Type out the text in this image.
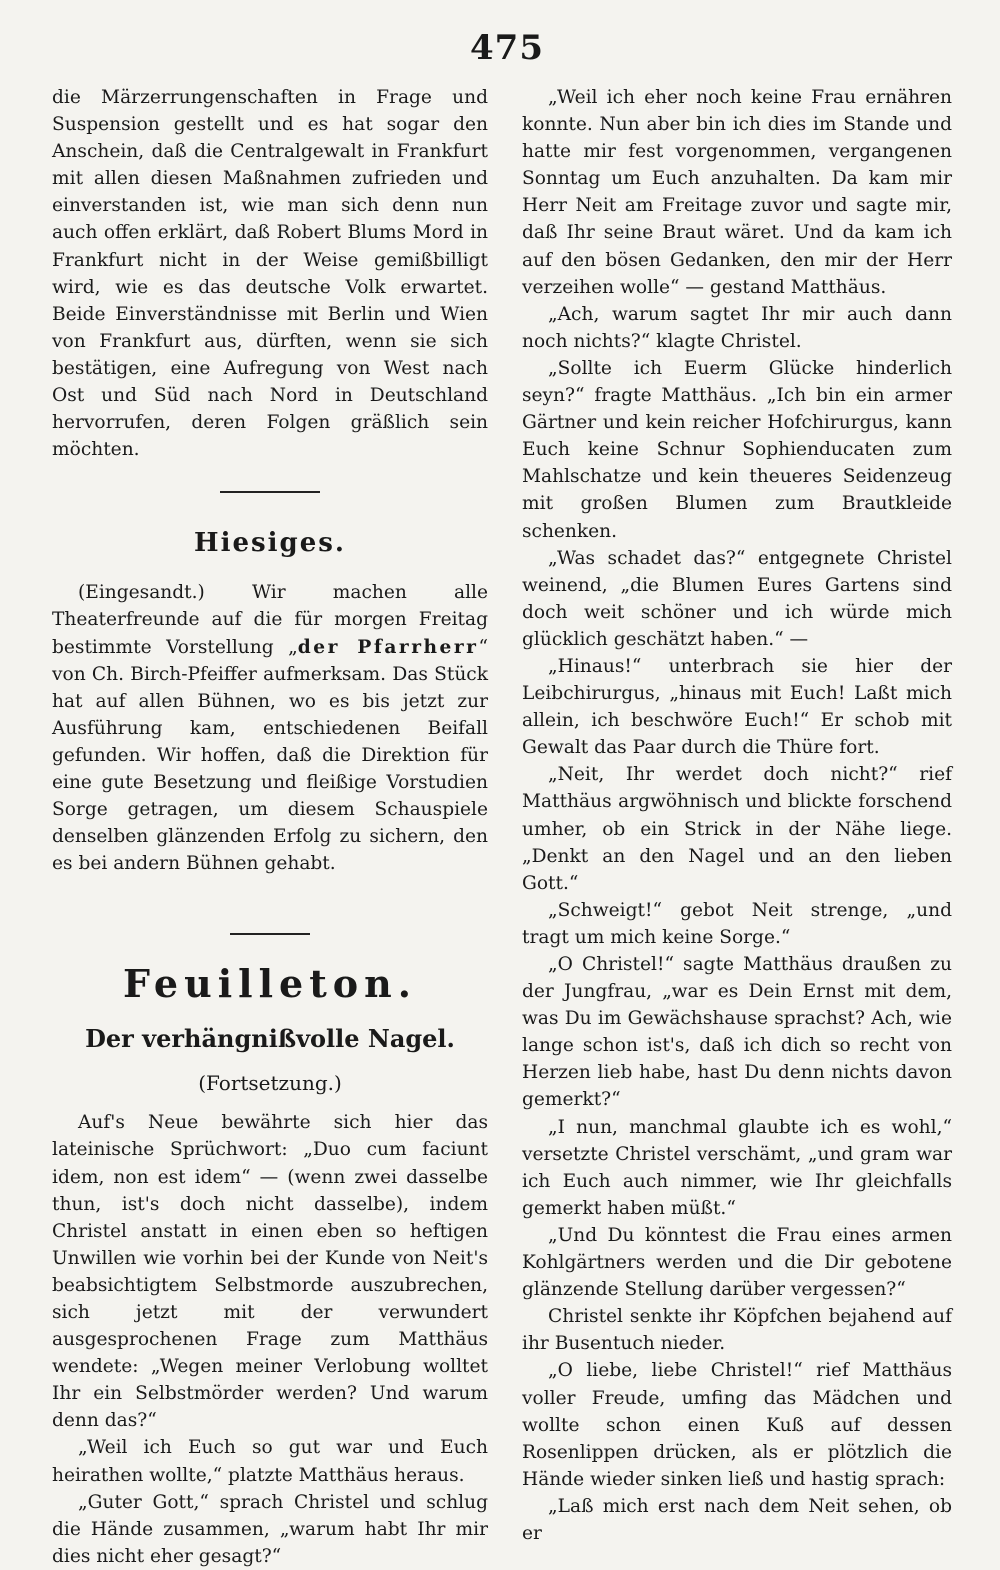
475

die Märzerrungenschaften in Frage und Suspension gestellt und es hat sogar den Anschein, daß die Centralgewalt in Frankfurt mit allen diesen Maßnahmen zufrieden und einverstanden ist, wie man sich denn nun auch offen erklärt, daß Robert Blums Mord in Frankfurt nicht in der Weise gemißbilligt wird, wie es das deutsche Volk erwartet. Beide Einverständnisse mit Berlin und Wien von Frankfurt aus, dürften, wenn sie sich bestätigen, eine Aufregung von West nach Ost und Süd nach Nord in Deutschland hervorrufen, deren Folgen gräßlich sein möchten.

Hiesiges.

(Eingesandt.) Wir machen alle Theaterfreunde auf die für morgen Freitag bestimmte Vorstellung „der Pfarrherr“ von Ch. Birch-Pfeiffer aufmerksam. Das Stück hat auf allen Bühnen, wo es bis jetzt zur Ausführung kam, entschiedenen Beifall gefunden. Wir hoffen, daß die Direktion für eine gute Besetzung und fleißige Vorstudien Sorge getragen, um diesem Schauspiele denselben glänzenden Erfolg zu sichern, den es bei andern Bühnen gehabt.

Feuilleton.
Der verhängnißvolle Nagel.
(Fortsetzung.)

Auf's Neue bewährte sich hier das lateinische Sprüchwort: „Duo cum faciunt idem, non est idem“ — (wenn zwei dasselbe thun, ist's doch nicht dasselbe), indem Christel anstatt in einen eben so heftigen Unwillen wie vorhin bei der Kunde von Neit's beabsichtigtem Selbstmorde auszubrechen, sich jetzt mit der verwundert ausgesprochenen Frage zum Matthäus wendete: „Wegen meiner Verlobung wolltet Ihr ein Selbstmörder werden? Und warum denn das?“

„Weil ich Euch so gut war und Euch heirathen wollte,“ platzte Matthäus heraus.

„Guter Gott,“ sprach Christel und schlug die Hände zusammen, „warum habt Ihr mir dies nicht eher gesagt?“

„Weil ich eher noch keine Frau ernähren konnte. Nun aber bin ich dies im Stande und hatte mir fest vorgenommen, vergangenen Sonntag um Euch anzuhalten. Da kam mir Herr Neit am Freitage zuvor und sagte mir, daß Ihr seine Braut wäret. Und da kam ich auf den bösen Gedanken, den mir der Herr verzeihen wolle“ — gestand Matthäus.

„Ach, warum sagtet Ihr mir auch dann noch nichts?“ klagte Christel.

„Sollte ich Euerm Glücke hinderlich seyn?“ fragte Matthäus. „Ich bin ein armer Gärtner und kein reicher Hofchirurgus, kann Euch keine Schnur Sophienducaten zum Mahlschatze und kein theueres Seidenzeug mit großen Blumen zum Brautkleide schenken.

„Was schadet das?“ entgegnete Christel weinend, „die Blumen Eures Gartens sind doch weit schöner und ich würde mich glücklich geschätzt haben.“ —

„Hinaus!“ unterbrach sie hier der Leibchirurgus, „hinaus mit Euch! Laßt mich allein, ich beschwöre Euch!“ Er schob mit Gewalt das Paar durch die Thüre fort.

„Neit, Ihr werdet doch nicht?“ rief Matthäus argwöhnisch und blickte forschend umher, ob ein Strick in der Nähe liege. „Denkt an den Nagel und an den lieben Gott.“

„Schweigt!“ gebot Neit strenge, „und tragt um mich keine Sorge.“

„O Christel!“ sagte Matthäus draußen zu der Jungfrau, „war es Dein Ernst mit dem, was Du im Gewächshause sprachst? Ach, wie lange schon ist's, daß ich dich so recht von Herzen lieb habe, hast Du denn nichts davon gemerkt?“

„I nun, manchmal glaubte ich es wohl,“ versetzte Christel verschämt, „und gram war ich Euch auch nimmer, wie Ihr gleichfalls gemerkt haben müßt.“

„Und Du könntest die Frau eines armen Kohlgärtners werden und die Dir gebotene glänzende Stellung darüber vergessen?“

Christel senkte ihr Köpfchen bejahend auf ihr Busentuch nieder.

„O liebe, liebe Christel!“ rief Matthäus voller Freude, umfing das Mädchen und wollte schon einen Kuß auf dessen Rosenlippen drücken, als er plötzlich die Hände wieder sinken ließ und hastig sprach:

„Laß mich erst nach dem Neit sehen, ob er
